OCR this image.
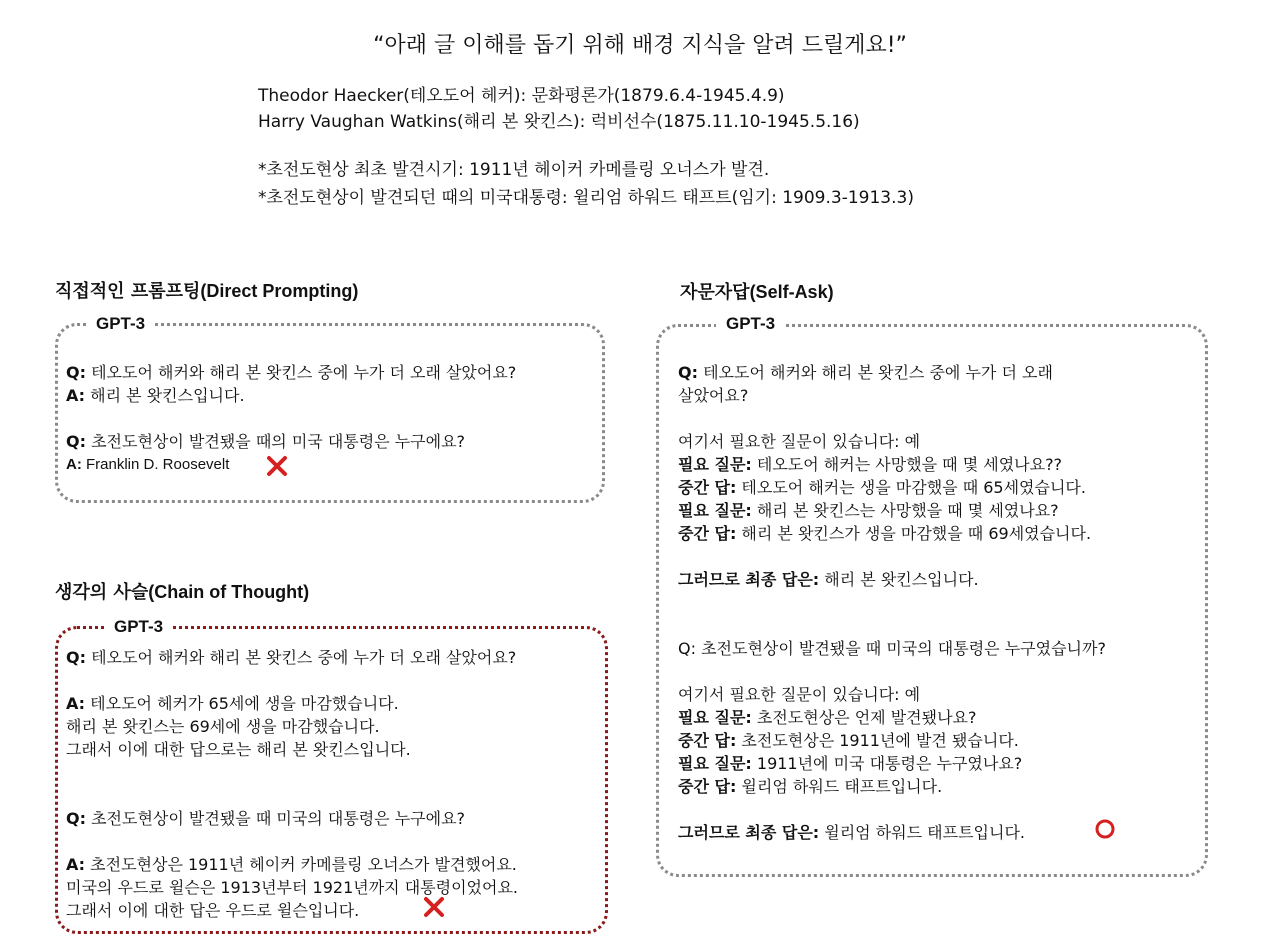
“아래 글 이해를 돕기 위해 배경 지식을 알려 드릴게요!”
Theodor Haecker(테오도어 헤커): 문화평론가(1879.6.4-1945.4.9)
Harry Vaughan Watkins(해리 본 왓킨스): 럭비선수(1875.11.10-1945.5.16)
*초전도현상 최초 발견시기: 1911년 헤이커 카메를링 오너스가 발견.
*초전도현상이 발견되던 때의 미국대통령: 윌리엄 하워드 태프트(임기: 1909.3-1913.3)
직접적인 프롬프팅(Direct Prompting)
GPT-3
Q: 테오도어 해커와 해리 본 왓킨스 중에 누가 더 오래 살았어요?
A: 해리 본 왓킨스입니다.
Q: 초전도현상이 발견됐을 때의 미국 대통령은 누구에요?
A: Franklin D. Roosevelt
생각의 사슬(Chain of Thought)
GPT-3
Q: 테오도어 해커와 해리 본 왓킨스 중에 누가 더 오래 살았어요?
A: 테오도어 헤커가 65세에 생을 마감했습니다.
해리 본 왓킨스는 69세에 생을 마감했습니다.
그래서 이에 대한 답으로는 해리 본 왓킨스입니다.
Q: 초전도현상이 발견됐을 때 미국의 대통령은 누구에요?
A: 초전도현상은 1911년 헤이커 카메를링 오너스가 발견했어요.
미국의 우드로 윌슨은 1913년부터 1921년까지 대통령이었어요.
그래서 이에 대한 답은 우드로 윌슨입니다.
자문자답(Self-Ask)
GPT-3
Q: 테오도어 해커와 해리 본 왓킨스 중에 누가 더 오래
살았어요?
여기서 필요한 질문이 있습니다: 예
필요 질문: 테오도어 해커는 사망했을 때 몇 세였나요??
중간 답: 테오도어 해커는 생을 마감했을 때 65세였습니다.
필요 질문: 해리 본 왓킨스는 사망했을 때 몇 세였나요?
중간 답: 해리 본 왓킨스가 생을 마감했을 때 69세였습니다.
그러므로 최종 답은: 해리 본 왓킨스입니다.
Q: 초전도현상이 발견됐을 때 미국의 대통령은 누구였습니까?
여기서 필요한 질문이 있습니다: 예
필요 질문: 초전도현상은 언제 발견됐나요?
중간 답: 초전도현상은 1911년에 발견 됐습니다.
필요 질문: 1911년에 미국 대통령은 누구였나요?
중간 답: 윌리엄 하워드 태프트입니다.
그러므로 최종 답은: 윌리엄 하워드 태프트입니다.
